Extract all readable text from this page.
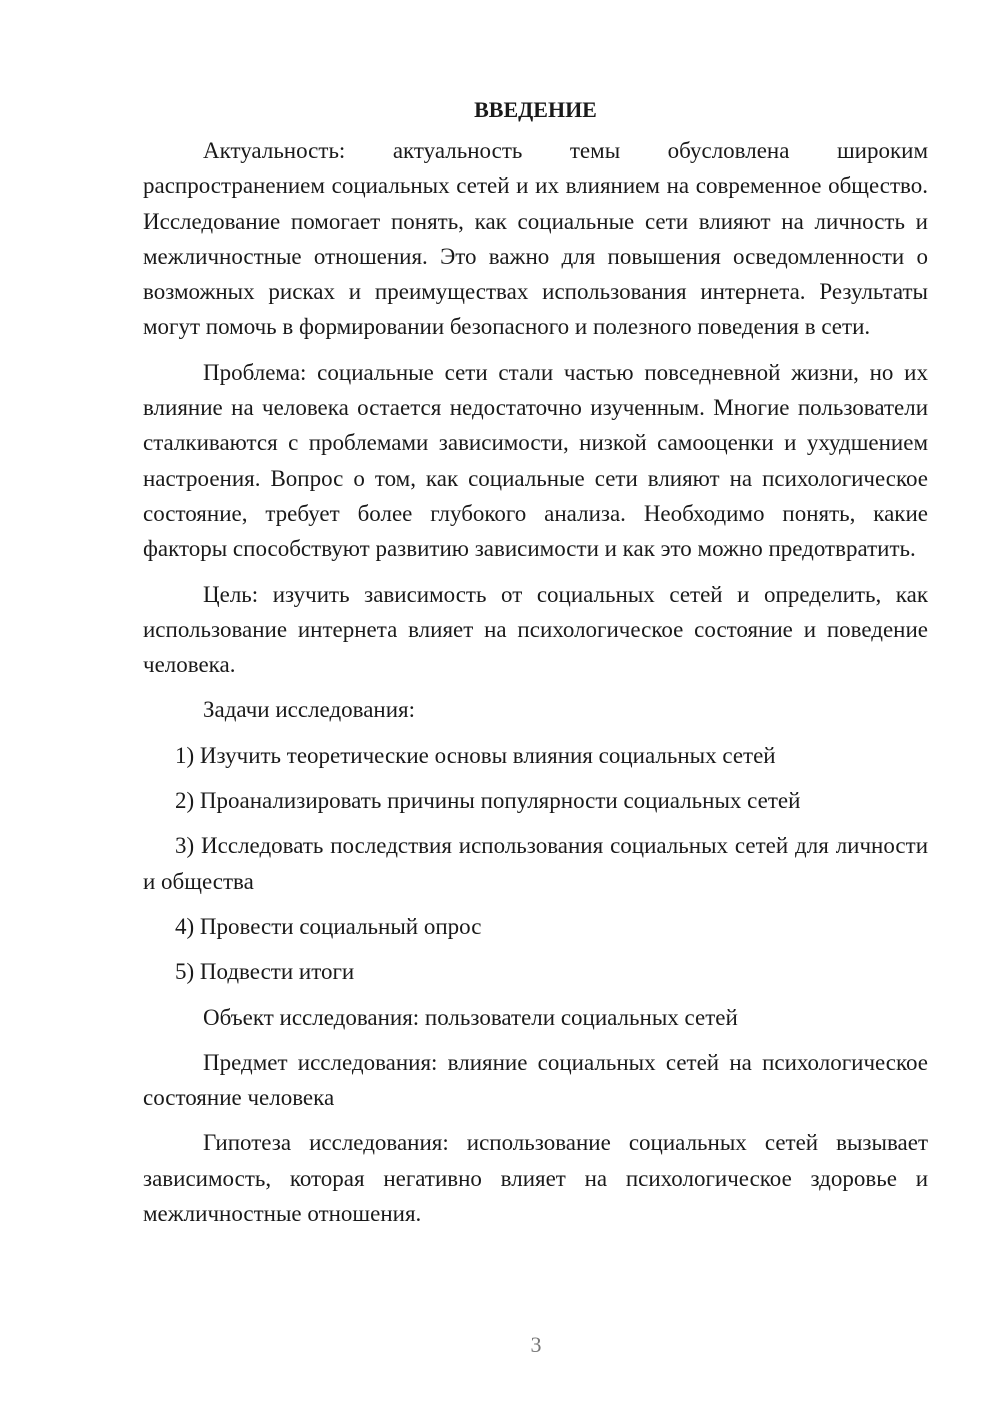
ВВЕДЕНИЕ

Актуальность: актуальность темы обусловлена широким распространением социальных сетей и их влиянием на современное общество. Исследование помогает понять, как социальные сети влияют на личность и межличностные отношения. Это важно для повышения осведомленности о возможных рисках и преимуществах использования интернета. Результаты могут помочь в формировании безопасного и полезного поведения в сети.

Проблема: социальные сети стали частью повседневной жизни, но их влияние на человека остается недостаточно изученным. Многие пользователи сталкиваются с проблемами зависимости, низкой самооценки и ухудшением настроения. Вопрос о том, как социальные сети влияют на психологическое состояние, требует более глубокого анализа. Необходимо понять, какие факторы способствуют развитию зависимости и как это можно предотвратить.

Цель: изучить зависимость от социальных сетей и определить, как использование интернета влияет на психологическое состояние и поведение человека.

Задачи исследования:

1) Изучить теоретические основы влияния социальных сетей

2) Проанализировать причины популярности социальных сетей

3) Исследовать последствия использования социальных сетей для личности и общества

4) Провести социальный опрос

5) Подвести итоги

Объект исследования: пользователи социальных сетей

Предмет исследования: влияние социальных сетей на психологическое состояние человека

Гипотеза исследования: использование социальных сетей вызывает зависимость, которая негативно влияет на психологическое здоровье и межличностные отношения.

3
